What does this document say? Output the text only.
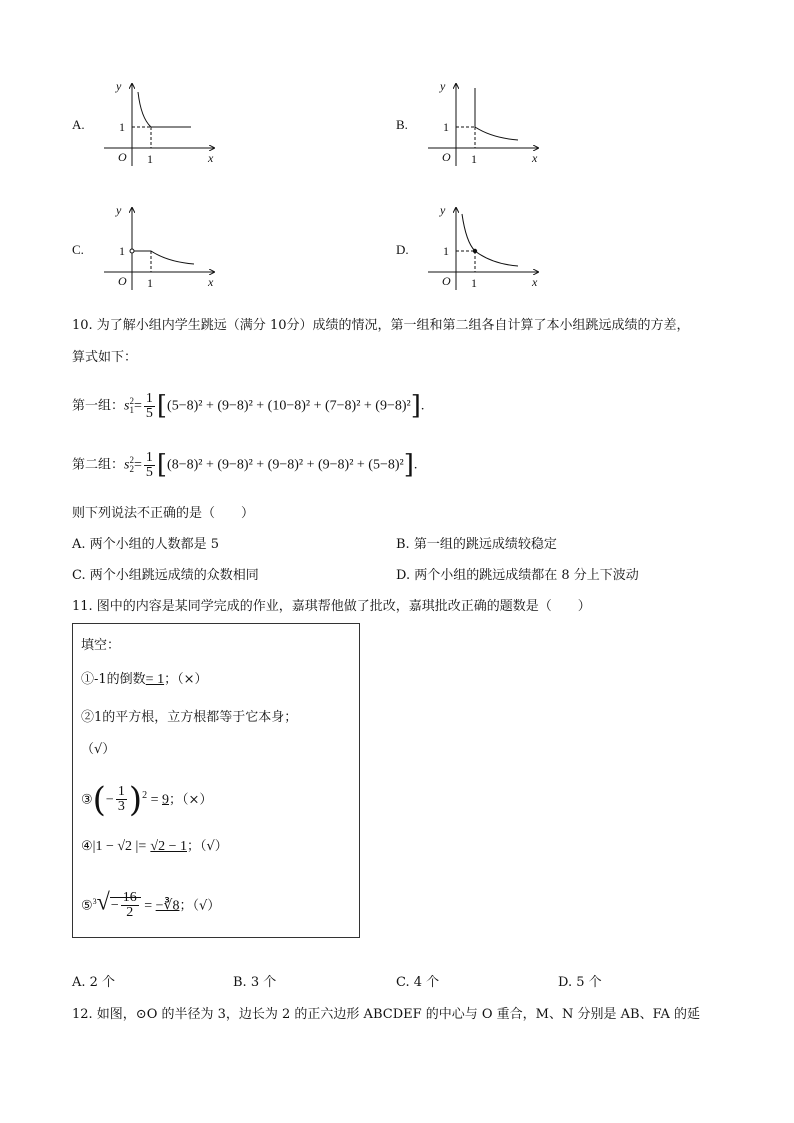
A.	B.
C.	D.
y
x
O
1
1
y
x
O
1
1
y
x
O
1
1
y
x
O
1
1
10. 为了解小组内学生跳远（满分 10分）成绩的情况，第一组和第二组各自计算了本小组跳远成绩的方差，
算式如下：
第一组：s 2
$1 = \frac{1}{5} [(5-8)^2 + (9-8)^2 + (10-8)^2 + (7-8)^2 + (9-8)^2]$.
第二组：s 2
$2 = \frac{1}{5} [(8-8)^2 + (9-8)^2 + (9-8)^2 + (9-8)^2 + (5-8)^2]$.
则下列说法不正确的是（　　）
A. 两个小组的人数都是 5	B. 第一组的跳远成绩较稳定
C. 两个小组跳远成绩的众数相同	D. 两个小组的跳远成绩都在 8 分上下波动
11. 图中的内容是某同学完成的作业，嘉琪帮他做了批改，嘉琪批改正确的题数是（　　）
填空：
①-1的倒数= 1；（×）
②1的平方根，立方根都等于它本身；
（√）
③(− $\frac{1}{3} )^2 = 9$；（×）
④|1 − √2 |= √2 − 1；（√）
⑤$^3$√− $\frac{16}{2}$ = −∛8；（√）
A. 2 个	B. 3 个	C. 4 个	D. 5 个
12. 如图，⊙O 的半径为 3，边长为 2 的正六边形 ABCDEF 的中心与 O 重合，M、N 分别是 AB、FA 的延
